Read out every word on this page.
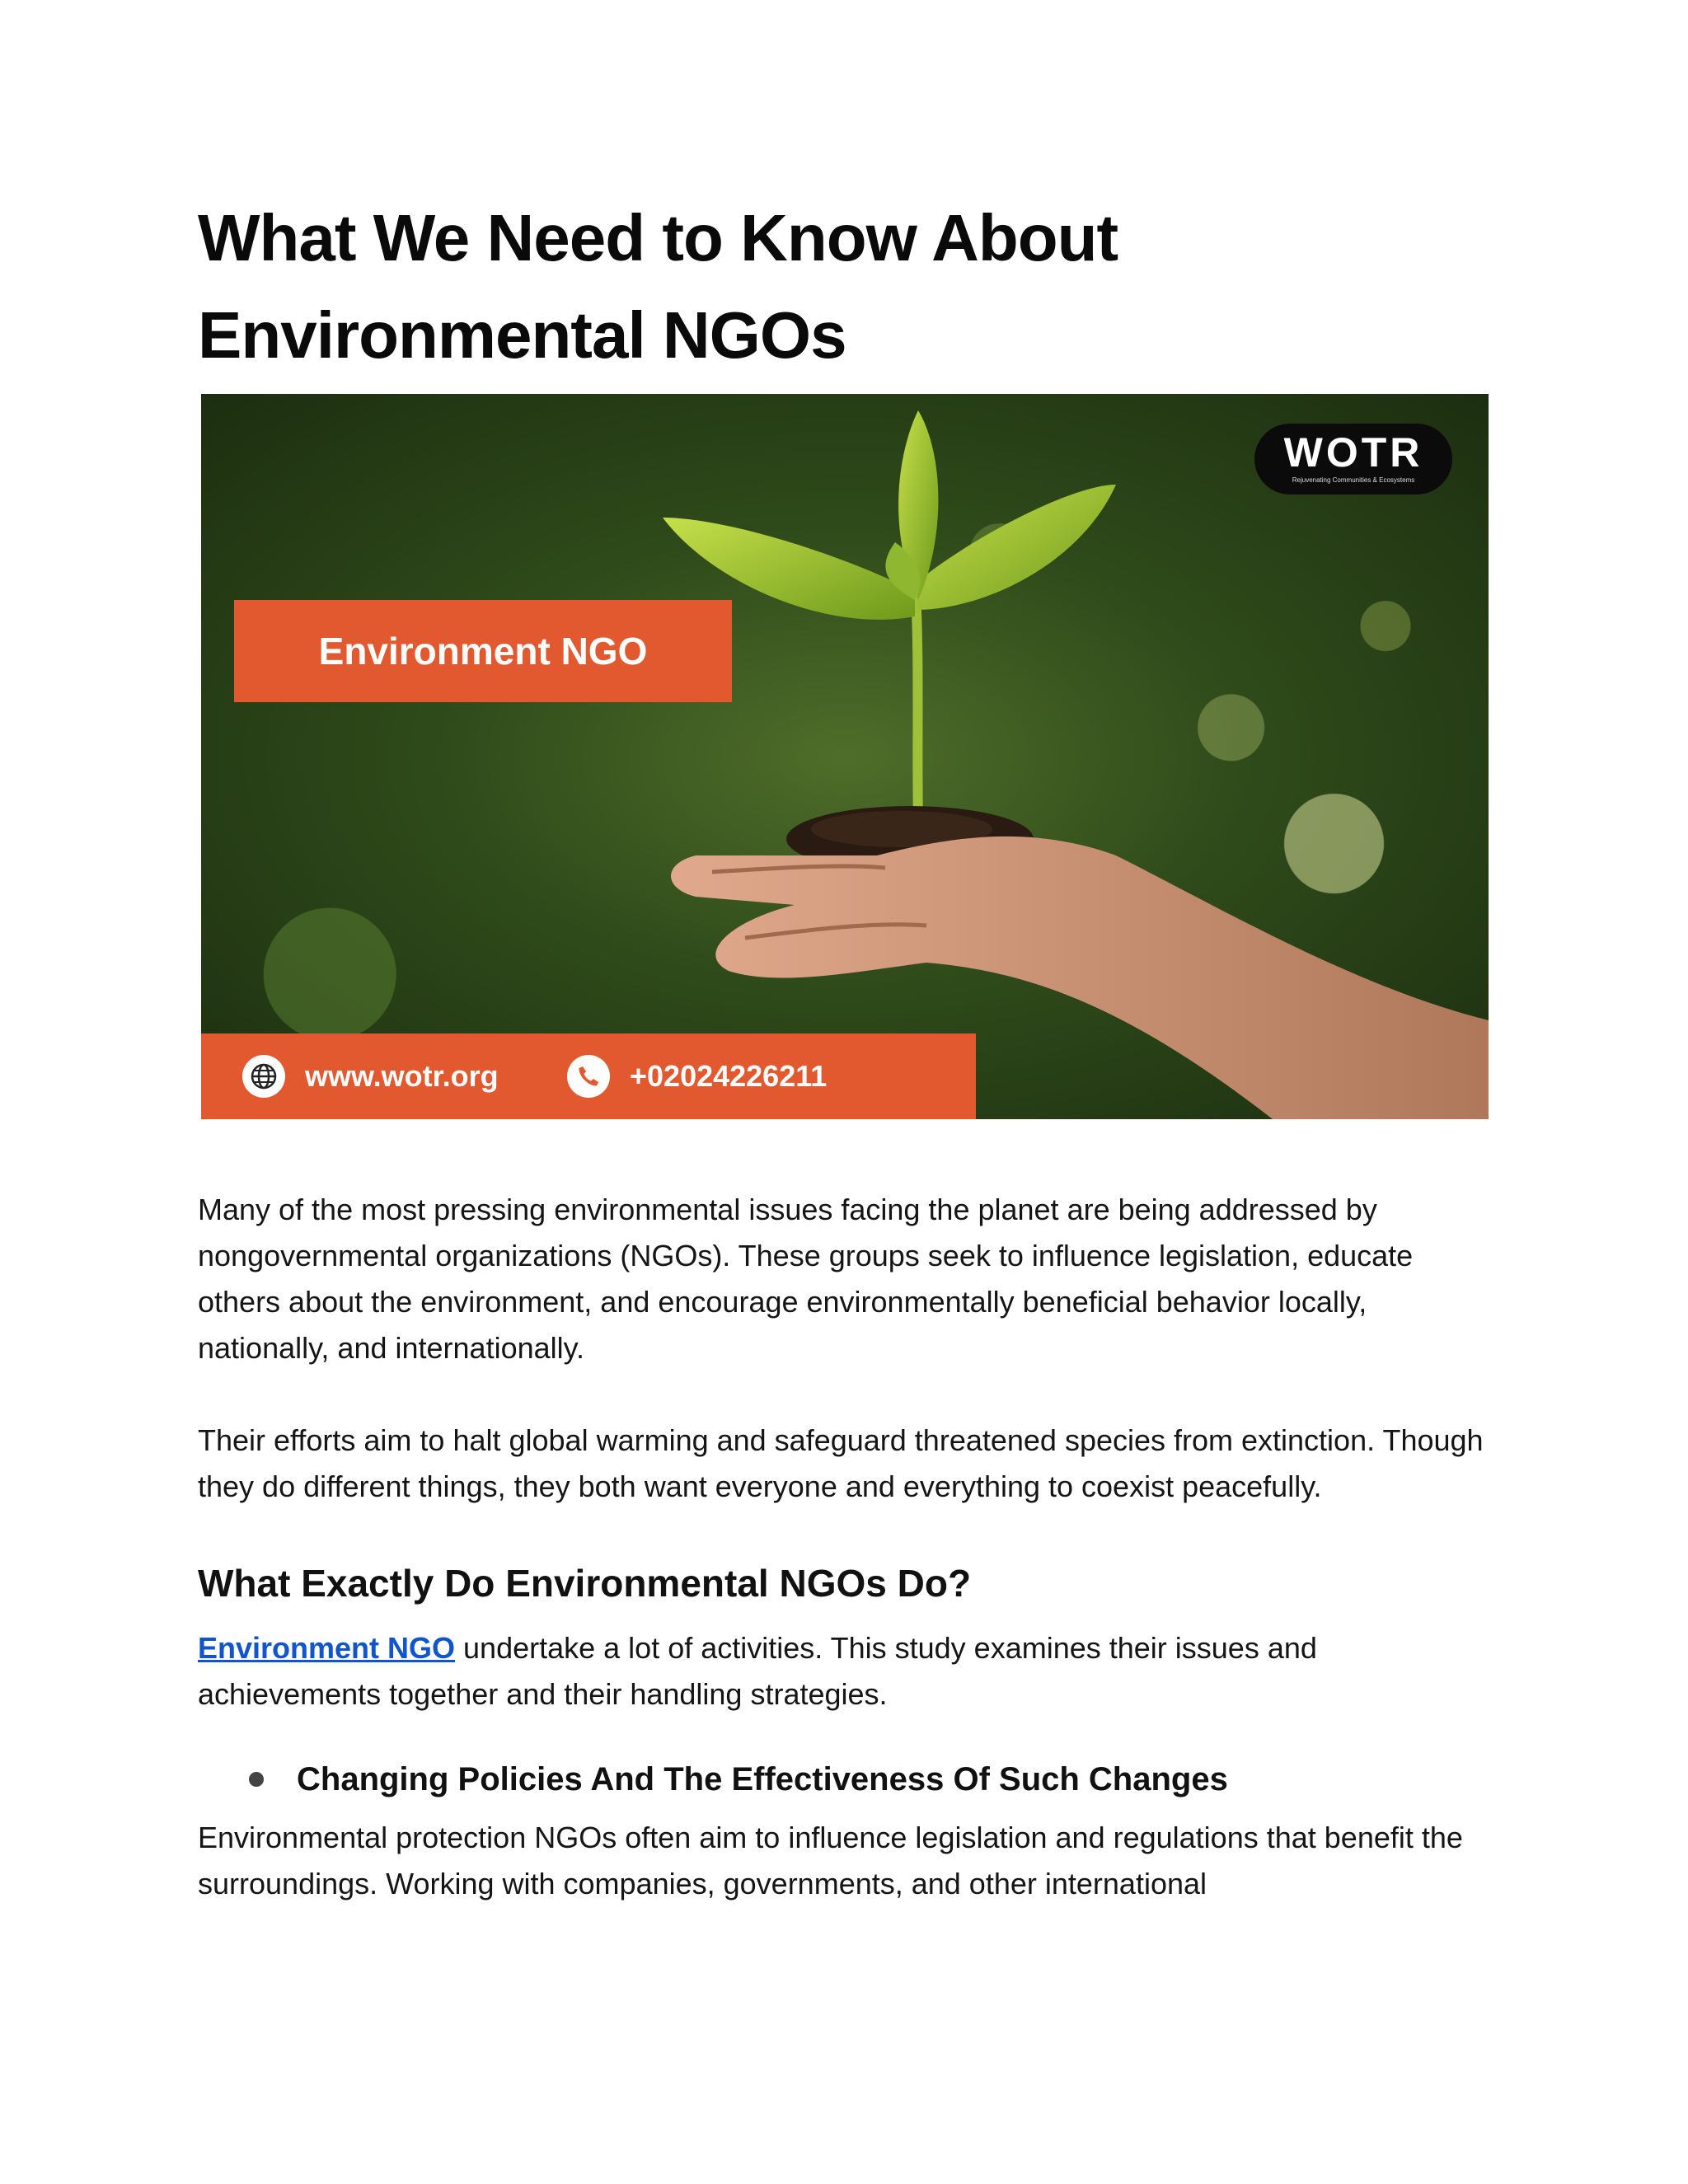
What We Need to Know About
Environmental NGOs
WOTR
Rejuvenating Communities & Ecosystems
Environment NGO
www.wotr.org	+02024226211

Many of the most pressing environmental issues facing the planet are being addressed by nongovernmental organizations (NGOs). These groups seek to influence legislation, educate others about the environment, and encourage environmentally beneficial behavior locally, nationally, and internationally.

Their efforts aim to halt global warming and safeguard threatened species from extinction. Though they do different things, they both want everyone and everything to coexist peacefully.

What Exactly Do Environmental NGOs Do?

Environment NGO undertake a lot of activities. This study examines their issues and achievements together and their handling strategies.

Changing Policies And The Effectiveness Of Such Changes

Environmental protection NGOs often aim to influence legislation and regulations that benefit the surroundings. Working with companies, governments, and other international
